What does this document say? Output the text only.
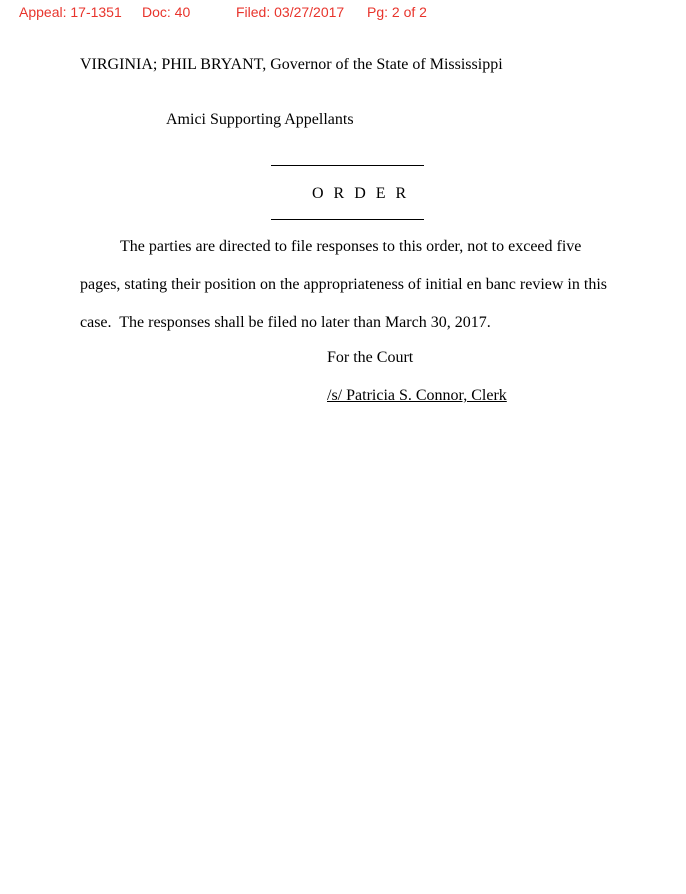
Appeal: 17-1351 Doc: 40	Filed: 03/27/2017 Pg: 2 of 2
VIRGINIA; PHIL BRYANT, Governor of the State of Mississippi
Amici Supporting Appellants
O R D E R
The parties are directed to file responses to this order, not to exceed five
pages, stating their position on the appropriateness of initial en banc review in this
case.  The responses shall be filed no later than March 30, 2017.
For the Court
/s/ Patricia S. Connor, Clerk
